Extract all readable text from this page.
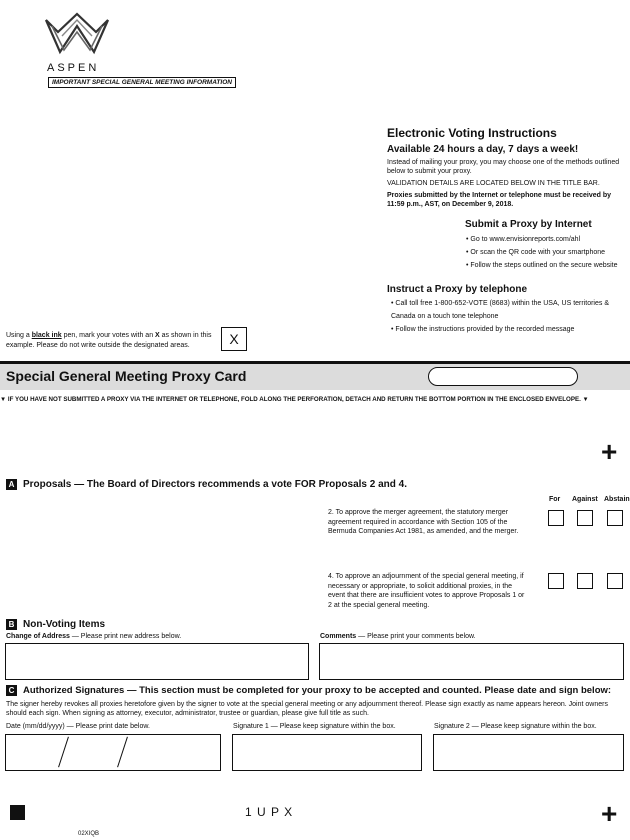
ASPEN
IMPORTANT SPECIAL GENERAL MEETING INFORMATION
Electronic Voting Instructions
Available 24 hours a day, 7 days a week!

Instead of mailing your proxy, you may choose one of the methods outlined below to submit your proxy.

VALIDATION DETAILS ARE LOCATED BELOW IN THE TITLE BAR.

Proxies submitted by the Internet or telephone must be received by 11:59 p.m., AST, on December 9, 2018.

Submit a Proxy by Internet
• Go to www.envisionreports.com/ahl
• Or scan the QR code with your smartphone
• Follow the steps outlined on the secure website
Instruct a Proxy by telephone
• Call toll free 1-800-652-VOTE (8683) within the USA, US territories & Canada on a touch tone telephone
• Follow the instructions provided by the recorded message
Using a black ink pen, mark your votes with an X as shown in this example. Please do not write outside the designated areas.	X
Special General Meeting Proxy Card
▼ IF YOU HAVE NOT SUBMITTED A PROXY VIA THE INTERNET OR TELEPHONE, FOLD ALONG THE PERFORATION, DETACH AND RETURN THE BOTTOM PORTION IN THE ENCLOSED ENVELOPE. ▼
+
A Proposals — The Board of Directors recommends a vote FOR Proposals 2 and 4.
For Against Abstain
2. To approve the merger agreement, the statutory merger agreement required in accordance with Section 105 of the Bermuda Companies Act 1981, as amended, and the merger.
4. To approve an adjournment of the special general meeting, if necessary or appropriate, to solicit additional proxies, in the event that there are insufficient votes to approve Proposals 1 or 2 at the special general meeting.
B Non-Voting Items
Change of Address — Please print new address below.	Comments — Please print your comments below.
C Authorized Signatures — This section must be completed for your proxy to be accepted and counted. Please date and sign below:
The signer hereby revokes all proxies heretofore given by the signer to vote at the special general meeting or any adjournment thereof. Please sign exactly as name appears hereon. Joint owners should each sign. When signing as attorney, executor, administrator, trustee or guardian, please give full title as such.
Date (mm/dd/yyyy) — Please print date below.	Signature 1 — Please keep signature within the box.	Signature 2 — Please keep signature within the box.
1 U P X	+
02XIQB
